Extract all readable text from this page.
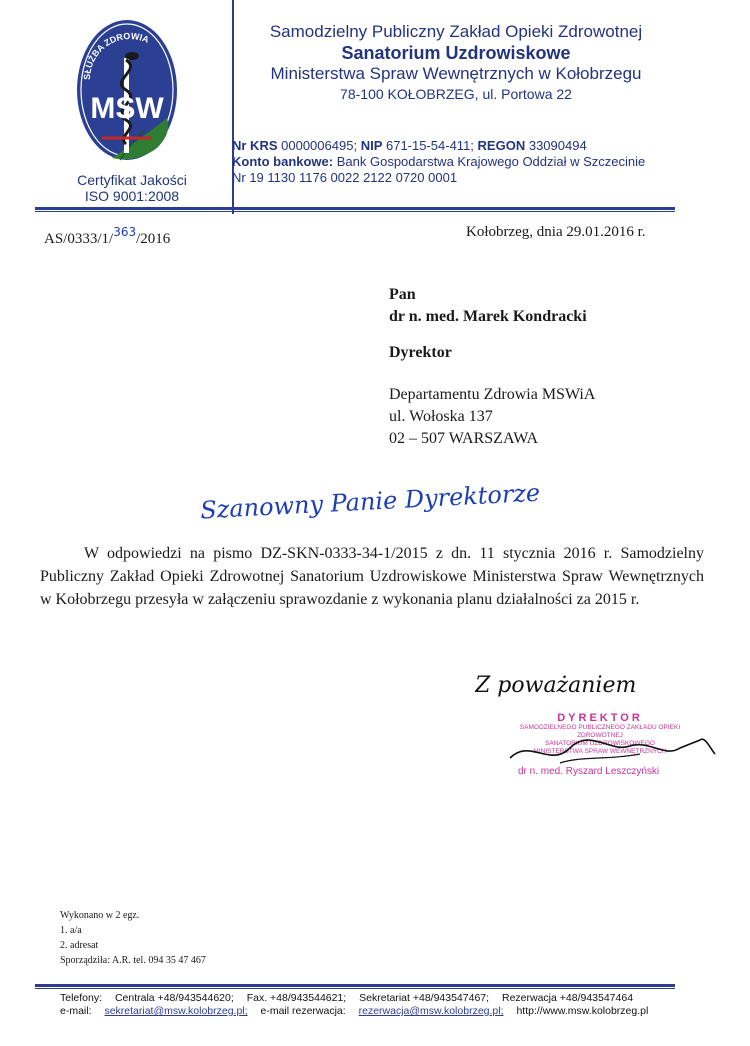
SŁUŻBA ZDROWIA
MSW
Certyfikat Jakości
ISO 9001:2008
Samodzielny Publiczny Zakład Opieki Zdrowotnej
Sanatorium Uzdrowiskowe
Ministerstwa Spraw Wewnętrznych w Kołobrzegu
78-100 KOŁOBRZEG, ul. Portowa 22
Nr KRS 0000006495; NIP 671-15-54-411; REGON 33090494
Konto bankowe: Bank Gospodarstwa Krajowego Oddział w Szczecinie
Nr 19 1130 1176 0022 2122 0720 0001
AS/0333/1/$^{363}$/2016	Kołobrzeg, dnia 29.01.2016 r.
Pan
dr n. med. Marek Kondracki
Dyrektor
Departamentu Zdrowia MSWiA
ul. Wołoska 137
02 – 507 WARSZAWA
Szanowny Panie Dyrektorze

W odpowiedzi na pismo DZ-SKN-0333-34-1/2015 z dn. 11 stycznia 2016 r. Samodzielny Publiczny Zakład Opieki Zdrowotnej Sanatorium Uzdrowiskowe Ministerstwa Spraw Wewnętrznych w Kołobrzegu przesyła w załączeniu sprawozdanie z wykonania planu działalności za 2015 r.

Z poważaniem
DYREKTOR
SAMODZIELNEGO PUBLICZNEGO ZAKŁADU OPIEKI ZDROWOTNEJ
SANATORIUM UZDROWISKOWEGO
MINISTERSTWA SPRAW WEWNĘTRZNYCH
dr n. med. Ryszard Leszczyński
Wykonano w 2 egz.
1. a/a
2. adresat
Sporządziła: A.R. tel. 094 35 47 467
Telefony: Centrala +48/943544620; Fax. +48/943544621; Sekretariat +48/943547467; Rezerwacja +48/943547464
e-mail: sekretariat@msw.kolobrzeg.pl; e-mail rezerwacja: rezerwacja@msw.kolobrzeg.pl; http://www.msw.kolobrzeg.pl
